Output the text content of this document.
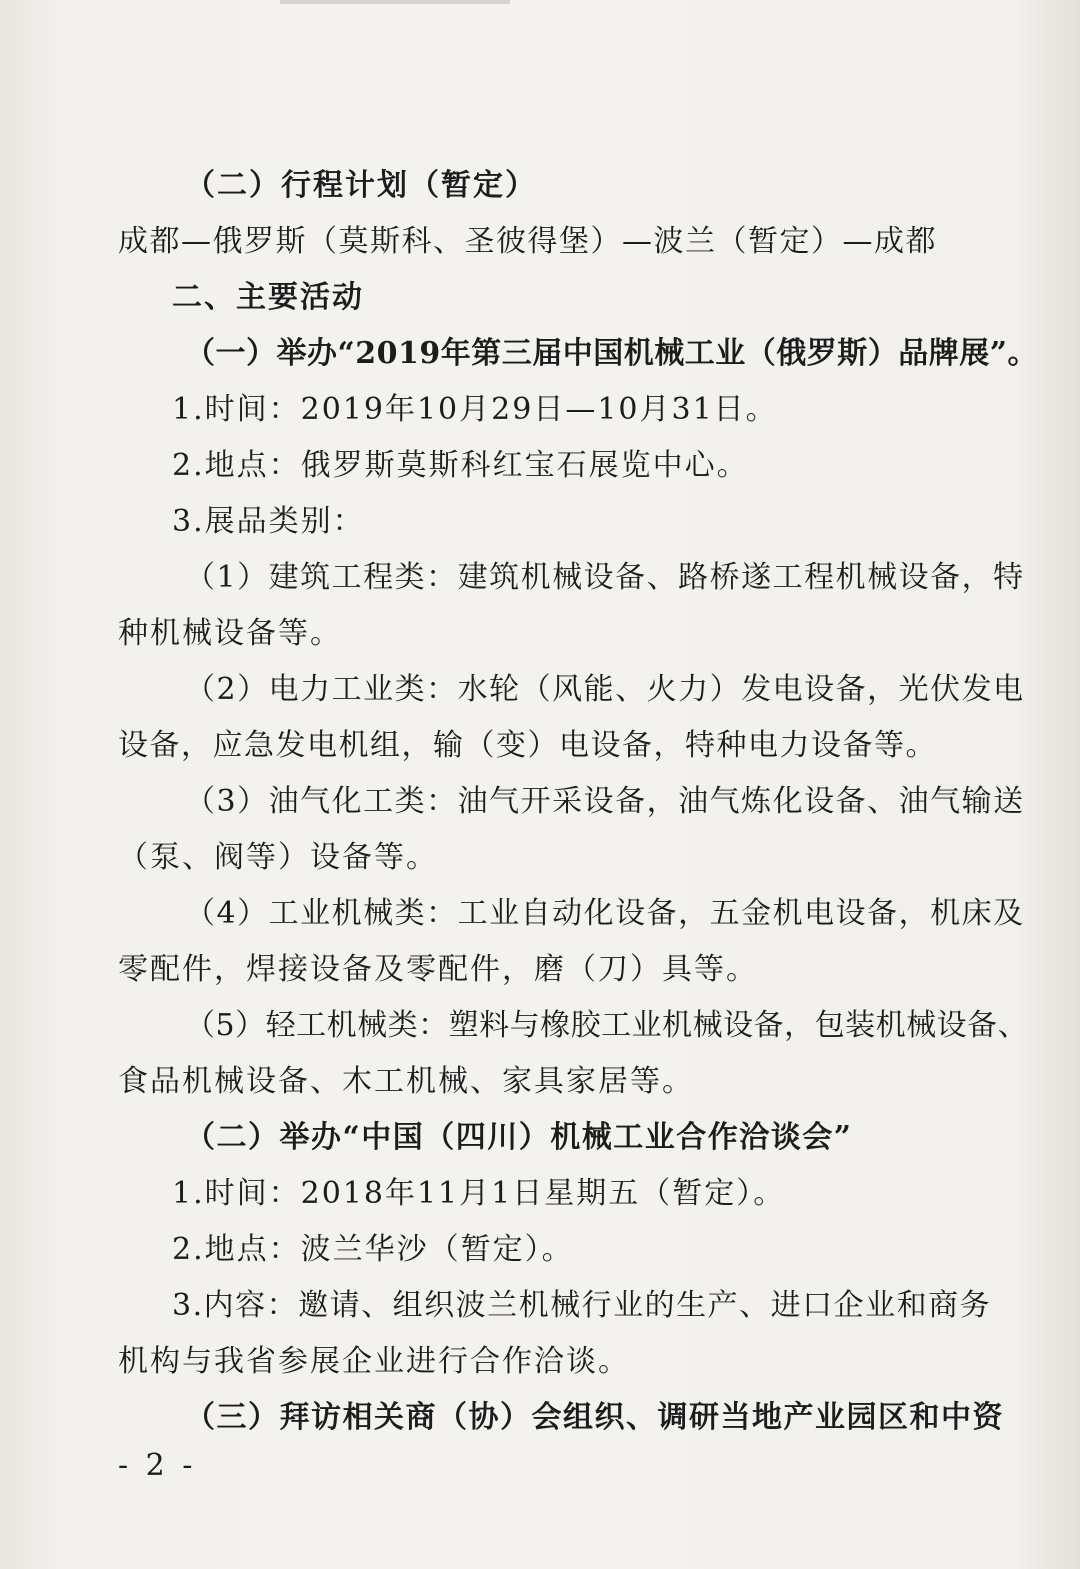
（二）行程计划（暂定）
成都—俄罗斯（莫斯科、圣彼得堡）—波兰（暂定）—成都
二、主要活动
（一）举办“2019年第三届中国机械工业（俄罗斯）品牌展”。
1.时间：2019年10月29日—10月31日。
2.地点：俄罗斯莫斯科红宝石展览中心。
3.展品类别：
（1）建筑工程类：建筑机械设备、路桥遂工程机械设备，特
种机械设备等。
（2）电力工业类：水轮（风能、火力）发电设备，光伏发电
设备，应急发电机组，输（变）电设备，特种电力设备等。
（3）油气化工类：油气开采设备，油气炼化设备、油气输送
（泵、阀等）设备等。
（4）工业机械类：工业自动化设备，五金机电设备，机床及
零配件，焊接设备及零配件，磨（刀）具等。
（5）轻工机械类：塑料与橡胶工业机械设备，包装机械设备、
食品机械设备、木工机械、家具家居等。
（二）举办“中国（四川）机械工业合作洽谈会”
1.时间：2018年11月1日星期五（暂定）。
2.地点：波兰华沙（暂定）。
3.内容：邀请、组织波兰机械行业的生产、进口企业和商务
机构与我省参展企业进行合作洽谈。
（三）拜访相关商（协）会组织、调研当地产业园区和中资
- 2 -
